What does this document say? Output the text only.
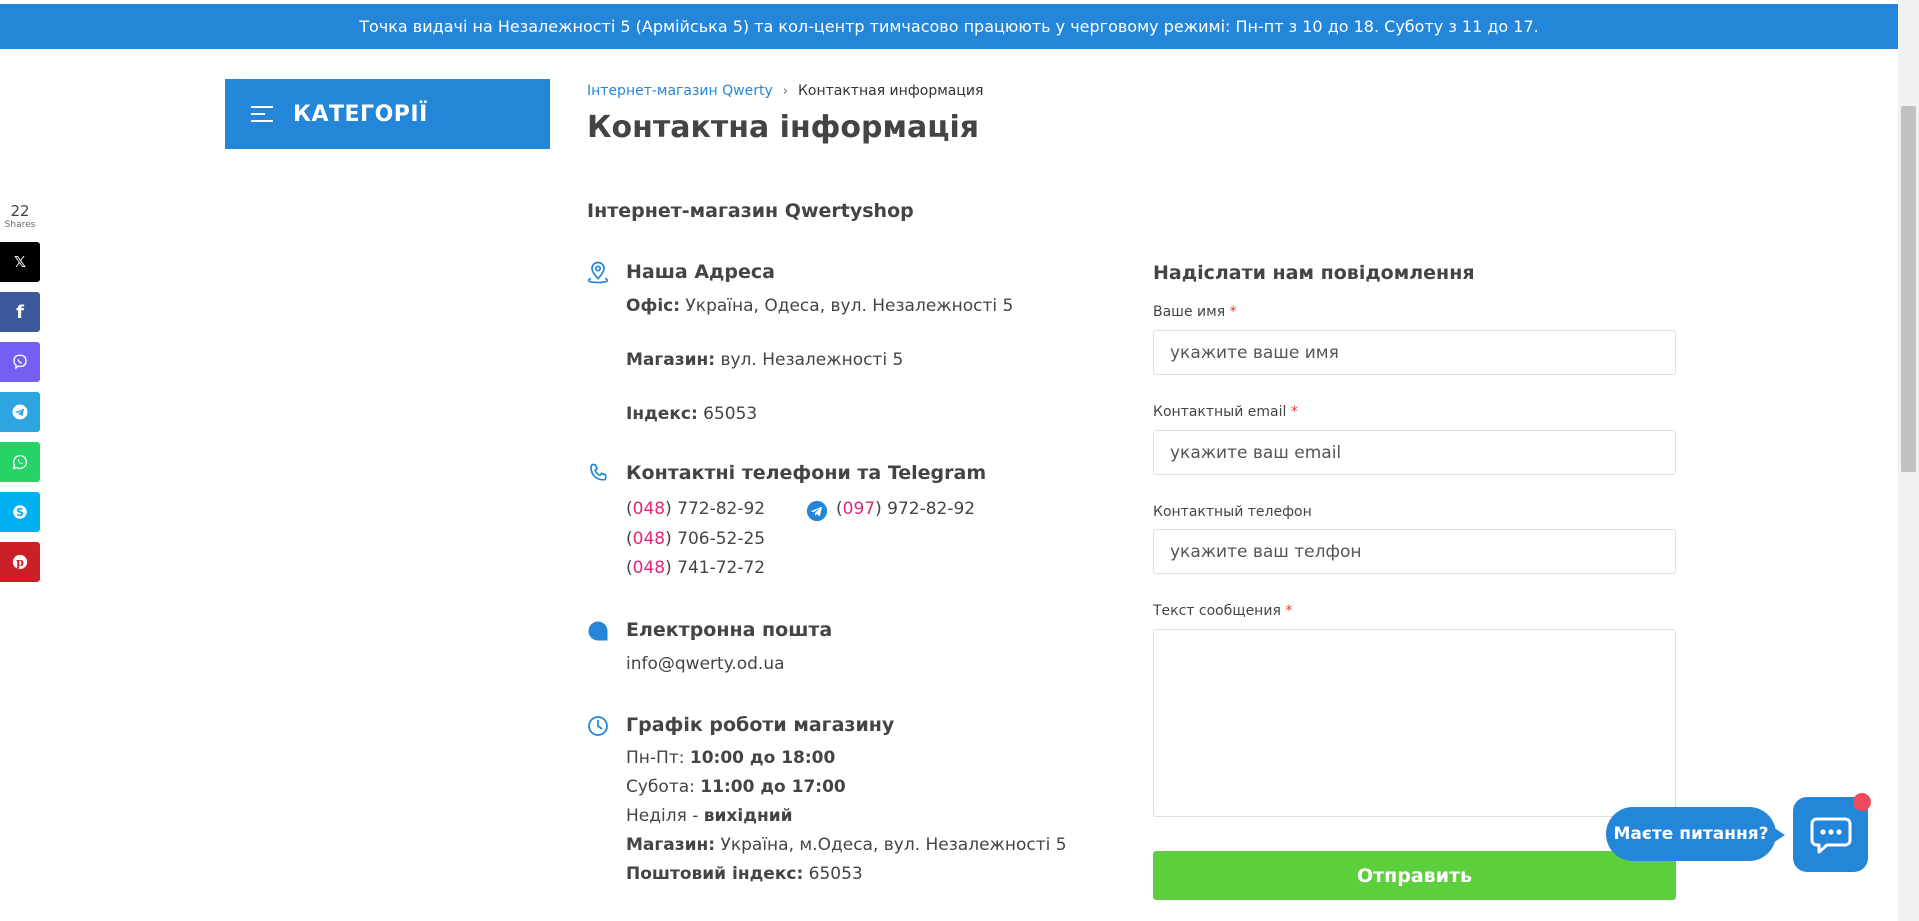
Точка видачі на Незалежності 5 (Армійська 5) та кол-центр тимчасово працюють у черговому режимі: Пн-пт з 10 до 18. Суботу з 11 до 17.
КАТЕГОРІЇ
22
Shares
𝕏
f
S
p
Інтернет-магазин Qwerty › Контактная информация
Контактна інформація
Інтернет-магазин Qwertyshop
Наша Адреса
Офіс: Україна, Одеса, вул. Незалежності 5
Магазин: вул. Незалежності 5
Індекс: 65053
Контактні телефони та Telegram
(048) 772-82-92
(048) 706-52-25
(048) 741-72-72
(097) 972-82-92
Електронна пошта
info@qwerty.od.ua
Графік роботи магазину
Пн-Пт: 10:00 до 18:00
Субота: 11:00 до 17:00
Неділя - вихідний
Магазин: Україна, м.Одеса, вул. Незалежності 5
Поштовий індекс: 65053
Надіслати нам повідомлення
Ваше имя *
укажите ваше имя
Контактный email *
укажите ваш email
Контактный телефон
укажите ваш телфон
Текст сообщения *
Отправить
Маєте питання?
